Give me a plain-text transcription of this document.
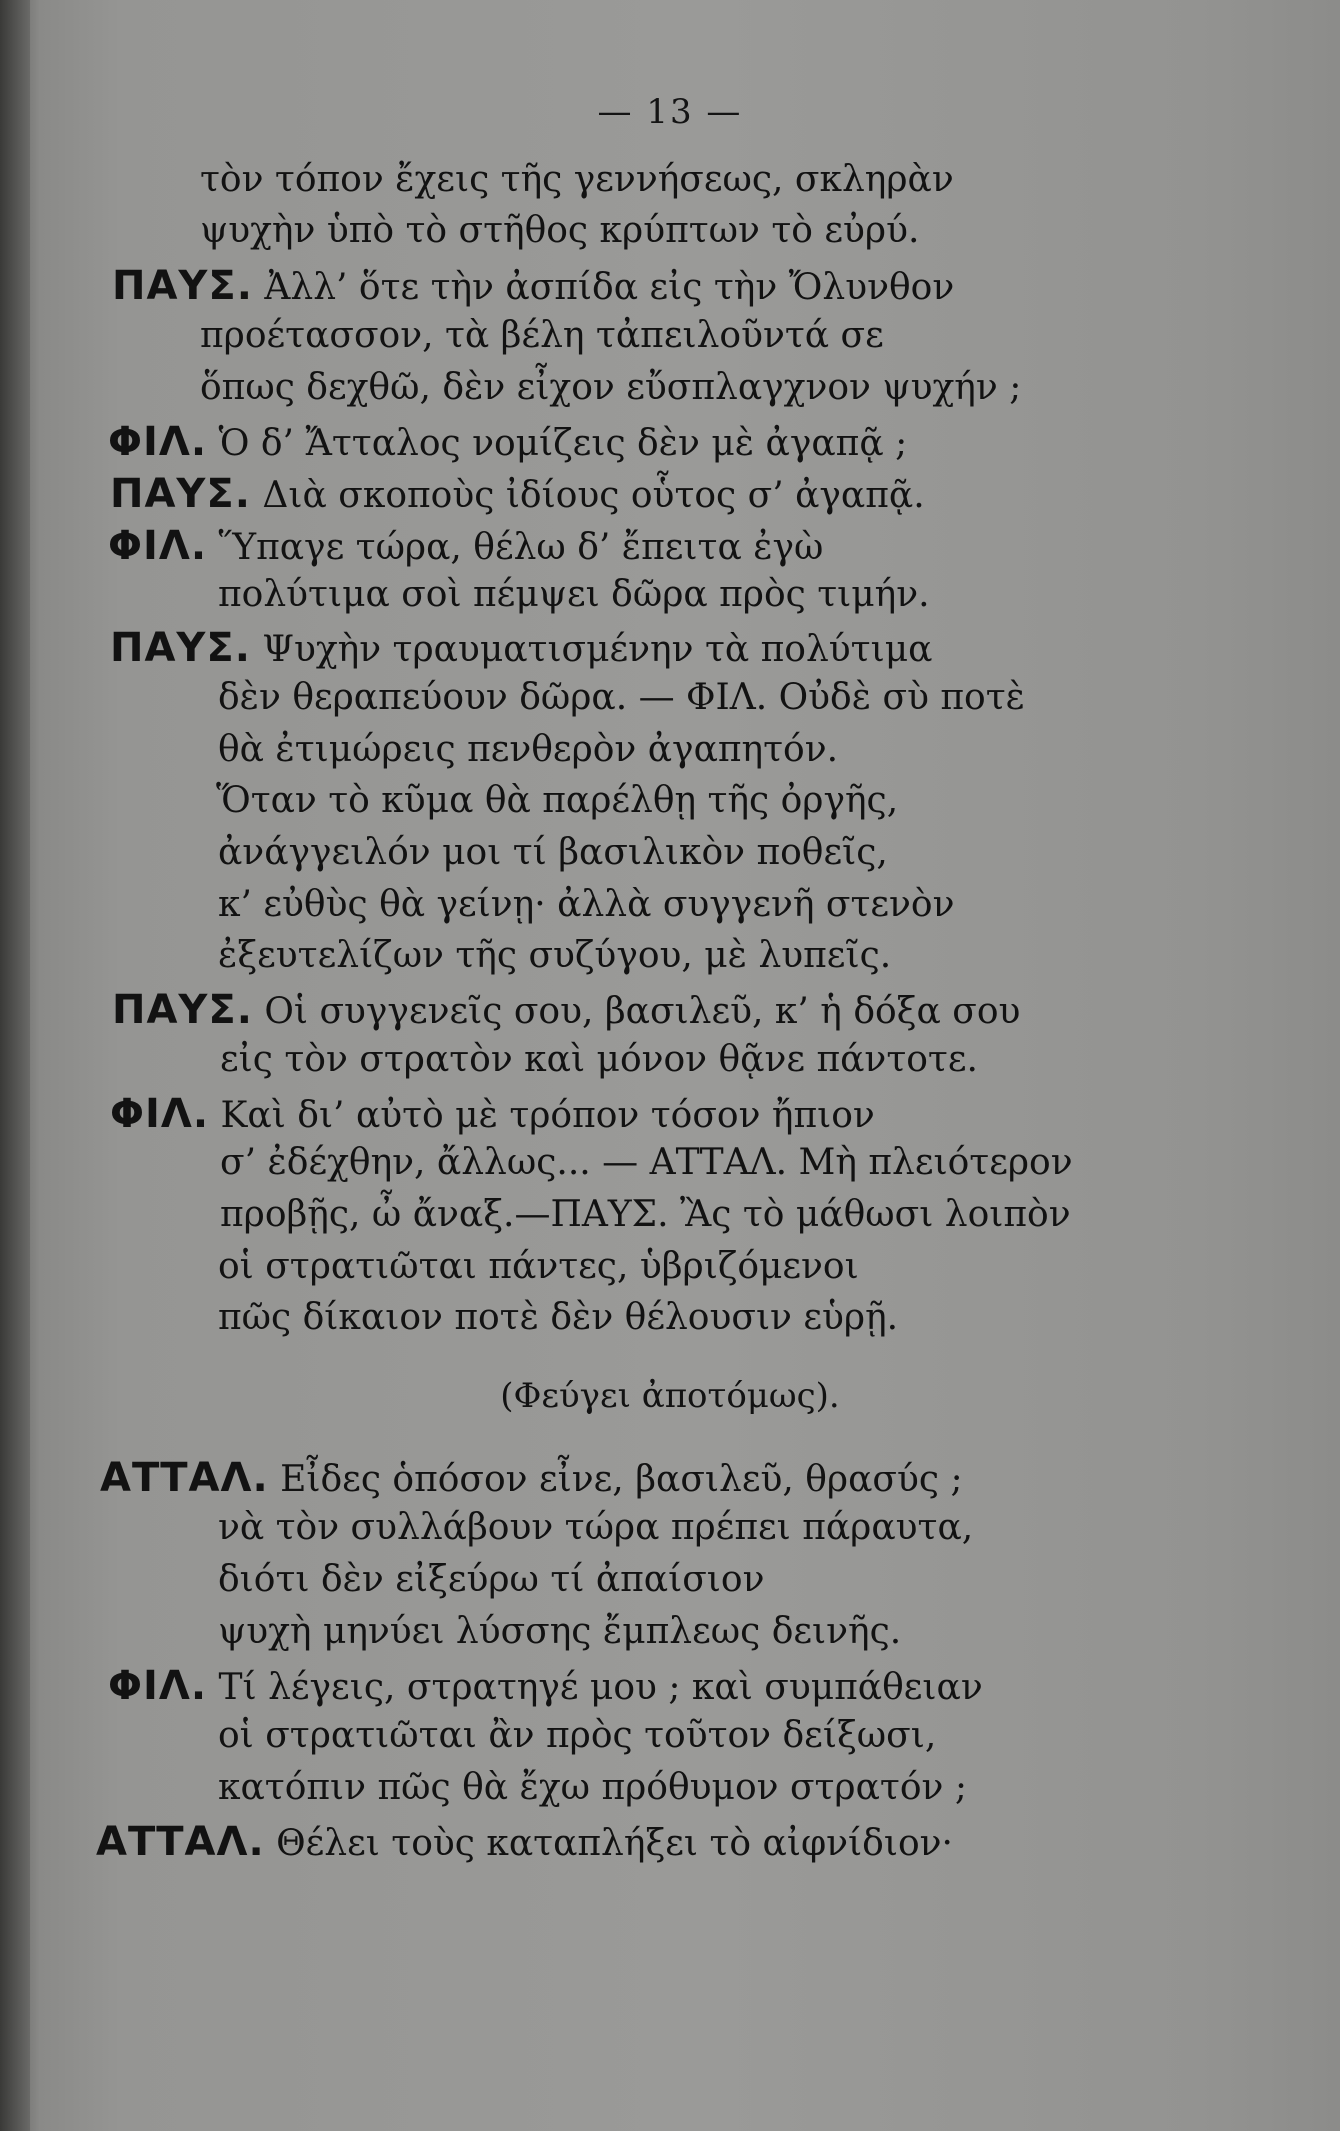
— 13 —
τὸν τόπον ἔχεις τῆς γεννήσεως, σκληρὰν
ψυχὴν ὑπὸ τὸ στῆθος κρύπτων τὸ εὐρύ.
ΠΑΥΣ. Ἀλλ’ ὅτε τὴν ἀσπίδα εἰς τὴν Ὄλυνθον
προέτασσον, τὰ βέλη τἀπειλοῦντά σε
ὅπως δεχθῶ, δὲν εἶχον εὔσπλαγχνον ψυχήν ;
ΦΙΛ. Ὁ δ’ Ἄτταλος νομίζεις δὲν μὲ ἀγαπᾷ ;
ΠΑΥΣ. Διὰ σκοποὺς ἰδίους οὗτος σ’ ἀγαπᾷ.
ΦΙΛ. Ὕπαγε τώρα, θέλω δ’ ἔπειτα ἐγὼ
πολύτιμα σοὶ πέμψει δῶρα πρὸς τιμήν.
ΠΑΥΣ. Ψυχὴν τραυματισμένην τὰ πολύτιμα
δὲν θεραπεύουν δῶρα. — ΦΙΛ. Οὐδὲ σὺ ποτὲ
θὰ ἐτιμώρεις πενθερὸν ἀγαπητόν.
Ὅταν τὸ κῦμα θὰ παρέλθῃ τῆς ὀργῆς,
ἀνάγγειλόν μοι τί βασιλικὸν ποθεῖς,
κ’ εὐθὺς θὰ γείνῃ· ἀλλὰ συγγενῆ στενὸν
ἐξευτελίζων τῆς συζύγου, μὲ λυπεῖς.
ΠΑΥΣ. Οἱ συγγενεῖς σου, βασιλεῦ, κ’ ἡ δόξα σου
εἰς τὸν στρατὸν καὶ μόνον θᾷνε πάντοτε.
ΦΙΛ. Καὶ δι’ αὐτὸ μὲ τρόπον τόσον ἤπιον
σ’ ἐδέχθην, ἄλλως... — ΑΤΤΑΛ. Μὴ πλειότερον
προβῇς, ὦ ἄναξ.—ΠΑΥΣ. Ἂς τὸ μάθωσι λοιπὸν
οἱ στρατιῶται πάντες, ὑβριζόμενοι
πῶς δίκαιον ποτὲ δὲν θέλουσιν εὑρῇ.
(Φεύγει ἀποτόμως).
ΑΤΤΑΛ. Εἶδες ὁπόσον εἶνε, βασιλεῦ, θρασύς ;
νὰ τὸν συλλάβουν τώρα πρέπει πάραυτα,
διότι δὲν εἰξεύρω τί ἀπαίσιον
ψυχὴ μηνύει λύσσης ἔμπλεως δεινῆς.
ΦΙΛ. Τί λέγεις, στρατηγέ μου ; καὶ συμπάθειαν
οἱ στρατιῶται ἂν πρὸς τοῦτον δείξωσι,
κατόπιν πῶς θὰ ἔχω πρόθυμον στρατόν ;
ΑΤΤΑΛ. Θέλει τοὺς καταπλήξει τὸ αἰφνίδιον·
